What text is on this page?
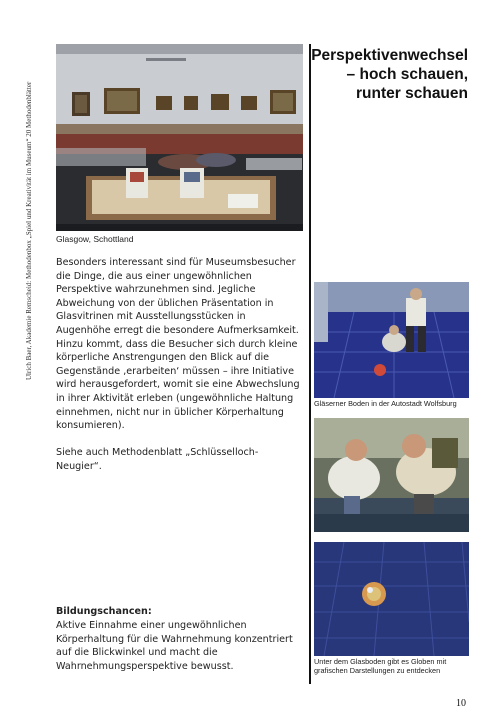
Ulrich Baer, Akademie Remscheid: Methodenbox „Spiel und Kreativität im Museum“ 20 Methodenblätter	Glasgow, Schottland

Besonders interessant sind für Museumsbesucher die Dinge, die aus einer ungewöhnlichen Perspektive wahrzunehmen sind. Jegliche Abweichung von der üblichen Präsentation in Glasvitrinen mit Ausstellungsstücken in Augenhöhe erregt die besondere Aufmerksamkeit. Hinzu kommt, dass die Besucher sich durch kleine körperliche Anstrengungen den Blick auf die Gegenstände ‚erarbeiten‘ müssen – ihre Initiative wird herausgefordert, womit sie eine Abwechslung in ihrer Aktivität erleben (ungewöhnliche Haltung einnehmen, nicht nur in üblicher Körperhaltung konsumieren).

Siehe auch Methodenblatt „Schlüsselloch-Neugier“.

Bildungschancen:

Aktive Einnahme einer ungewöhnlichen Körperhaltung für die Wahrnehmung konzentriert auf die Blickwinkel und macht die Wahrnehmungsperspektive bewusst.

Perspektivenwechsel
– hoch schauen,
runter schauen
Gläserner Boden in der Autostadt Wolfsburg
Unter dem Glasboden gibt es Globen mit grafischen Darstellungen zu entdecken
10
